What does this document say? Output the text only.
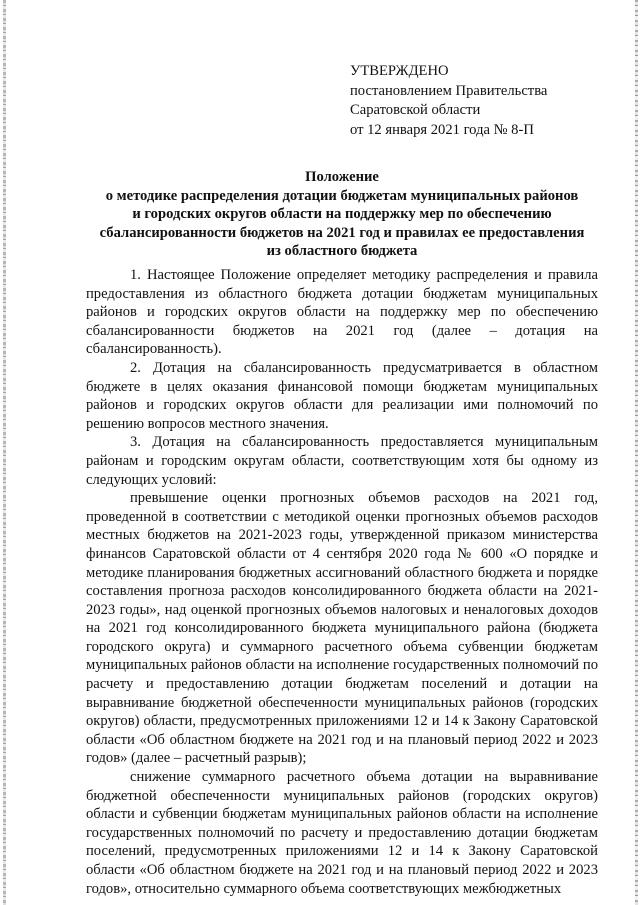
УТВЕРЖДЕНО
постановлением Правительства
Саратовской области
от 12 января 2021 года № 8-П
Положение
о методике распределения дотации бюджетам муниципальных районов
и городских округов области на поддержку мер по обеспечению
сбалансированности бюджетов на 2021 год и правилах ее предоставления
из областного бюджета

1. Настоящее Положение определяет методику распределения и правила предоставления из областного бюджета дотации бюджетам муниципальных районов и городских округов области на поддержку мер по обеспечению сбалансированности бюджетов на 2021 год (далее – дотация на сбалансированность).

2. Дотация на сбалансированность предусматривается в областном бюджете в целях оказания финансовой помощи бюджетам муниципальных районов и городских округов области для реализации ими полномочий по решению вопросов местного значения.

3. Дотация на сбалансированность предоставляется муниципальным районам и городским округам области, соответствующим хотя бы одному из следующих условий:

превышение оценки прогнозных объемов расходов на 2021 год, проведенной в соответствии с методикой оценки прогнозных объемов расходов местных бюджетов на 2021-2023 годы, утвержденной приказом министерства финансов Саратовской области от 4 сентября 2020 года № 600 «О порядке и методике планирования бюджетных ассигнований областного бюджета и порядке составления прогноза расходов консолидированного бюджета области на 2021-2023 годы», над оценкой прогнозных объемов налоговых и неналоговых доходов на 2021 год консолидированного бюджета муниципального района (бюджета городского округа) и суммарного расчетного объема субвенции бюджетам муниципальных районов области на исполнение государственных полномочий по расчету и предоставлению дотации бюджетам поселений и дотации на выравнивание бюджетной обеспеченности муниципальных районов (городских округов) области, предусмотренных приложениями 12 и 14 к Закону Саратовской области «Об областном бюджете на 2021 год и на плановый период 2022 и 2023 годов» (далее – расчетный разрыв);

снижение суммарного расчетного объема дотации на выравнивание бюджетной обеспеченности муниципальных районов (городских округов) области и субвенции бюджетам муниципальных районов области на исполнение государственных полномочий по расчету и предоставлению дотации бюджетам поселений, предусмотренных приложениями 12 и 14 к Закону Саратовской области «Об областном бюджете на 2021 год и на плановый период 2022 и 2023 годов», относительно суммарного объема соответствующих межбюджетных
